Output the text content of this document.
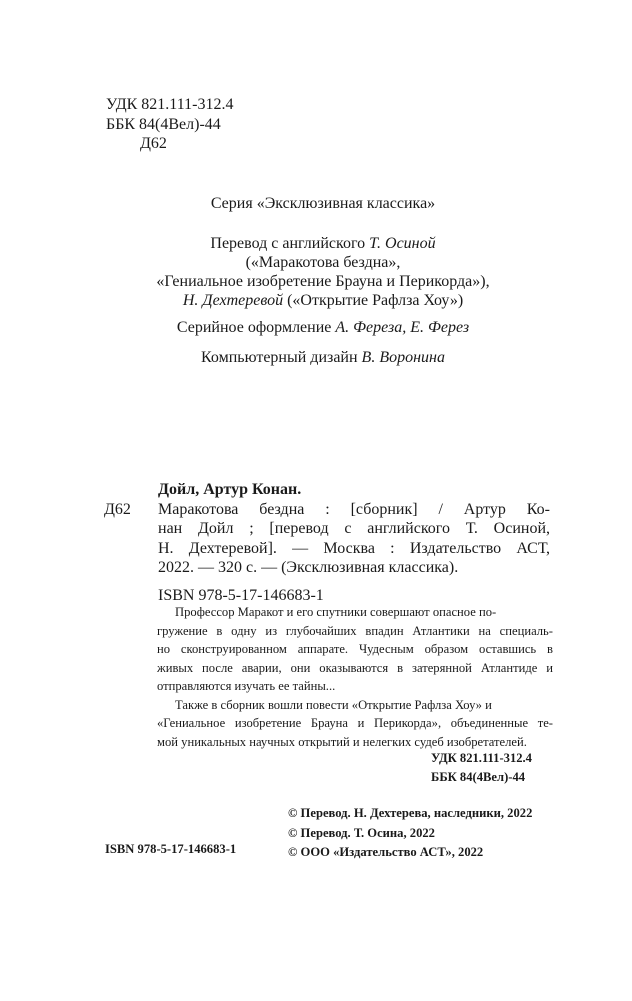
УДК 821.111-312.4
ББК 84(4Вел)-44
Д62
Серия «Эксклюзивная классика»
Перевод с английского Т. Осиной
(«Маракотова бездна»,
«Гениальное изобретение Брауна и Перикорда»),
Н. Дехтеревой («Открытие Рафлзa Хоу»)
Серийное оформление А. Фереза, Е. Ферез
Компьютерный дизайн В. Воронина
Дойл, Артур Конан.
Д62	Маракотова бездна : [сборник] / Артур Ко-
нан Дойл ; [перевод с английского Т. Осиной,
Н. Дехтеревой]. — Москва : Издательство АСТ,
2022. — 320 с. — (Эксклюзивная классика).
ISBN 978-5-17-146683-1
Профессор Маракот и его спутники совершают опасное по-
гружение в одну из глубочайших впадин Атлантики на специаль-
но сконструированном аппарате. Чудесным образом оставшись в
живых после аварии, они оказываются в затерянной Атлантиде и
отправляются изучать ее тайны...
Также в сборник вошли повести «Открытие Рафлза Хоу» и
«Гениальное изобретение Брауна и Перикорда», объединенные те-
мой уникальных научных открытий и нелегких судеб изобретателей.
УДК 821.111-312.4
ББК 84(4Вел)-44
© Перевод. Н. Дехтерева, наследники, 2022
© Перевод. Т. Осина, 2022
© ООО «Издательство АСТ», 2022
ISBN 978-5-17-146683-1
